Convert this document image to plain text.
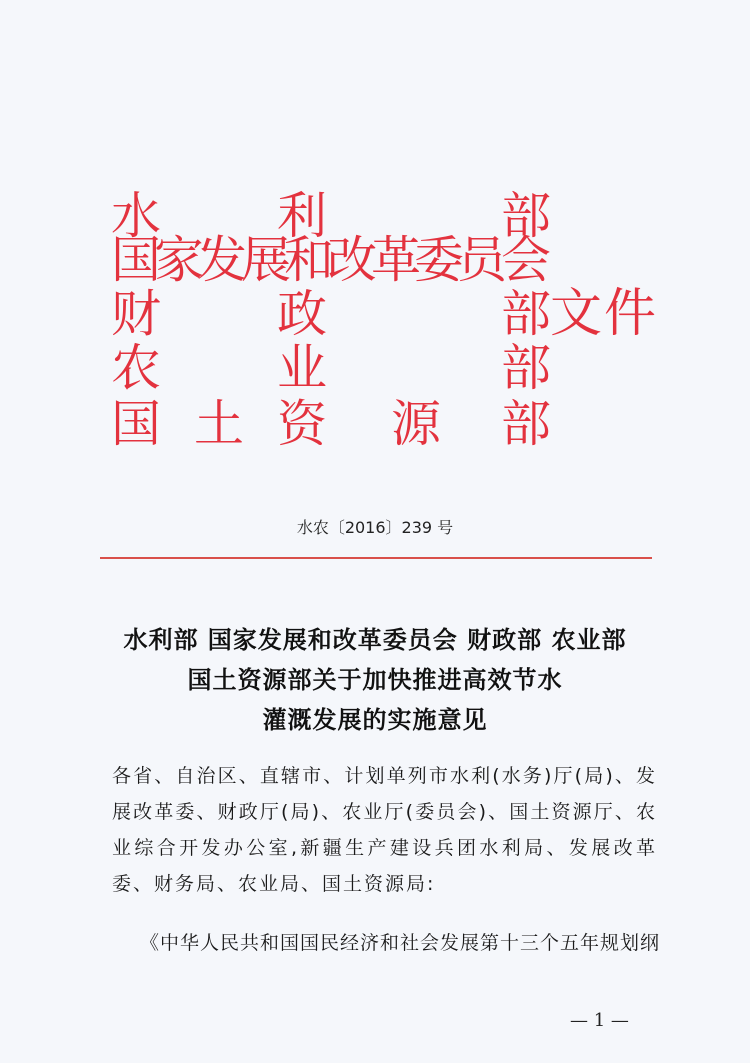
水 利	部
国
家
发
展
和
改
革
委
员
会
财 政	部 文件
农 业	部
国 土 资 源 部
水农〔2016〕239 号
水利部 国家发展和改革委员会 财政部 农业部
国土资源部关于加快推进高效节水
灌溉发展的实施意见
各省、自治区、直辖市、计划单列市水利(水务)厅(局)、发展改革委、财政厅(局)、农业厅(委员会)、国土资源厅、农业综合开发办公室,新疆生产建设兵团水利局、发展改革委、财务局、农业局、国土资源局:
《中华人民共和国国民经济和社会发展第十三个五年规划纲
— 1 —
